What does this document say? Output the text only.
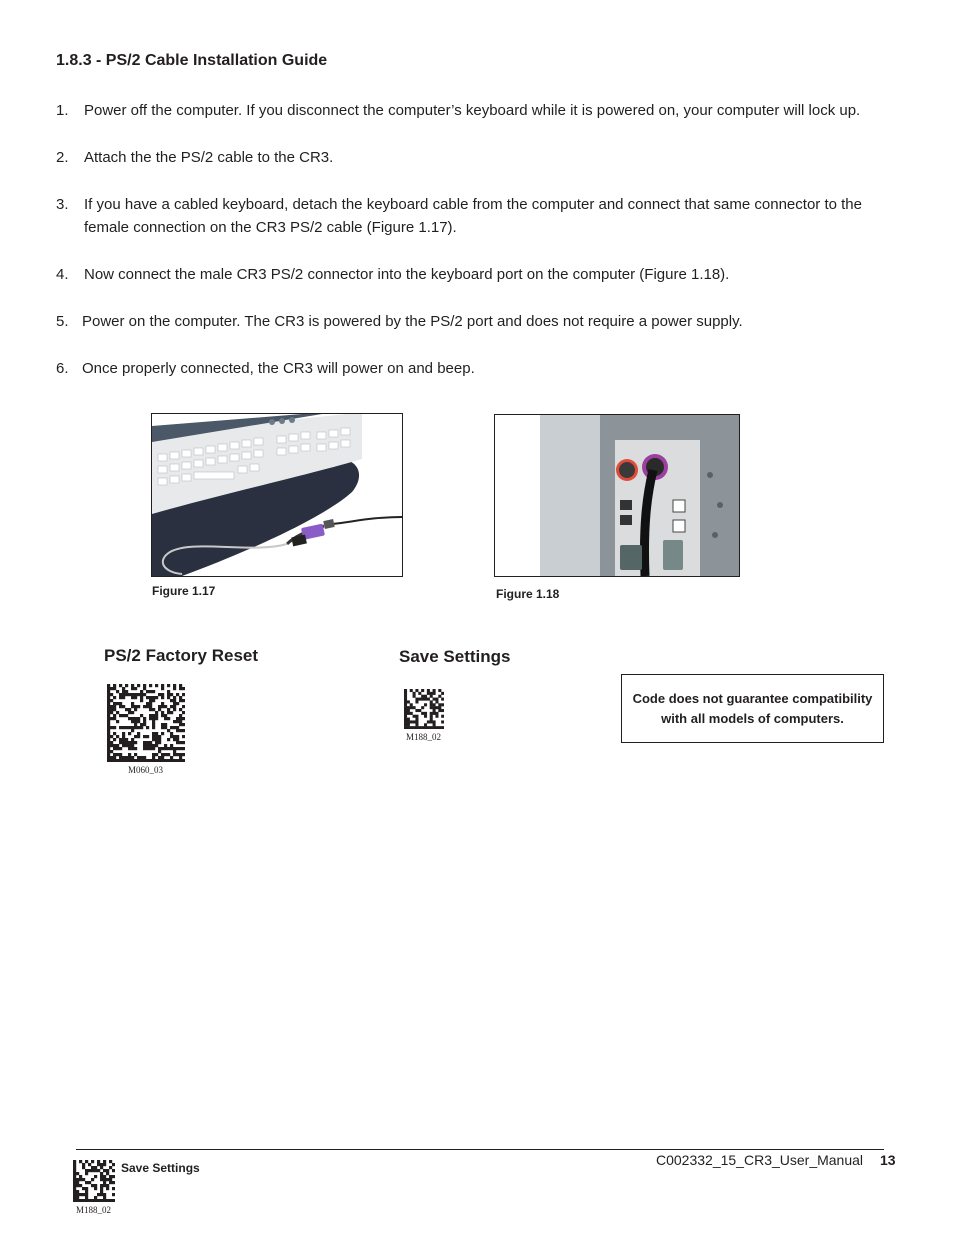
1.8.3 - PS/2 Cable Installation Guide
1.	Power off the computer. If you disconnect the computer’s keyboard while it is powered on, your computer will lock up.
2.	Attach the the PS/2 cable to the CR3.
3.	If you have a cabled keyboard, detach the keyboard cable from the computer and connect that same connector to the female connection on the CR3 PS/2 cable (Figure 1.17).
4.	Now connect the male CR3 PS/2 connector into the keyboard port on the computer (Figure 1.18).
5. Power on the computer. The CR3 is powered by the PS/2 port and does not require a power supply.
6. Once properly connected, the CR3 will power on and beep.
Figure 1.17	Figure 1.18
PS/2 Factory Reset
M060_03
Save Settings
M188_02
Code does not guarantee compatibility
with all models of computers.
C002332_15_CR3_User_Manual 13
Save Settings
M188_02
